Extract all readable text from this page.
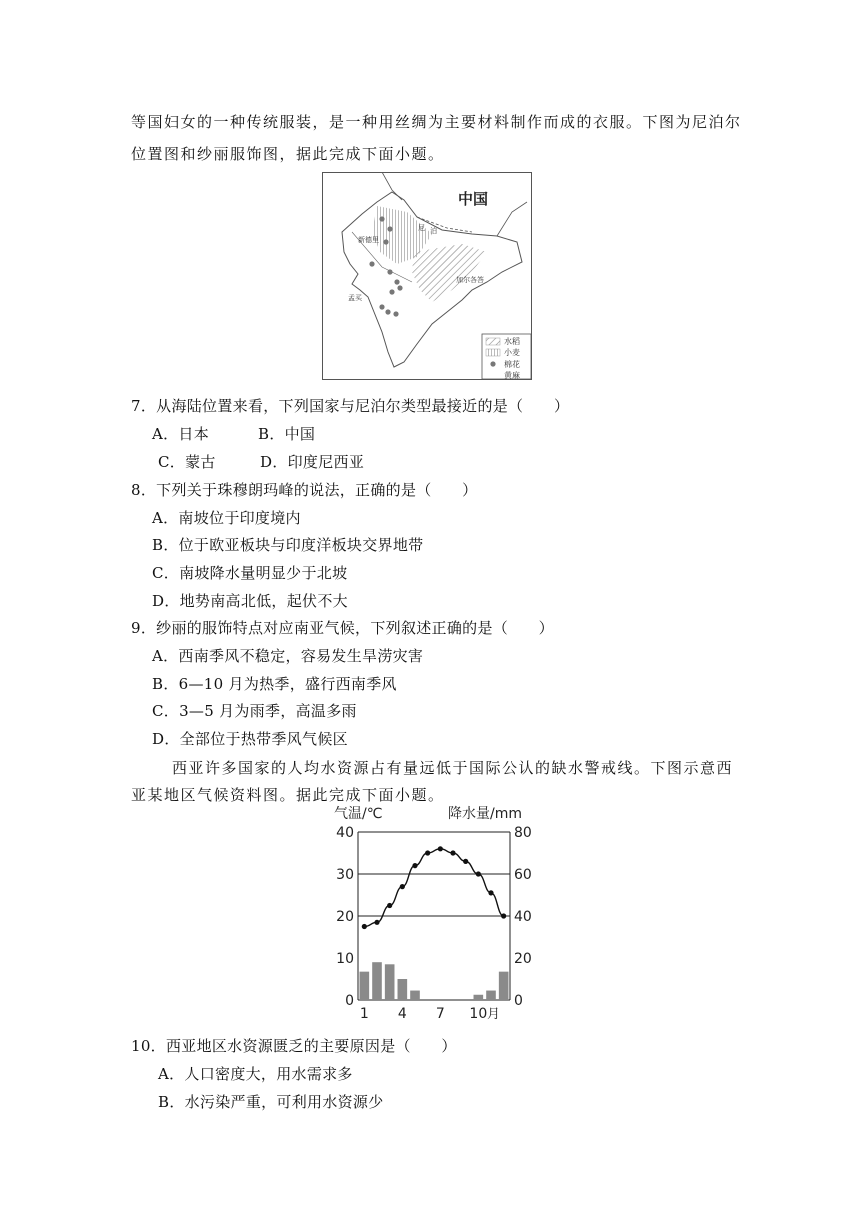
等国妇女的一种传统服装，是一种用丝绸为主要材料制作而成的衣服。下图为尼泊尔
位置图和纱丽服饰图，据此完成下面小题。
中国
新德里
尼 泊
加尔各答
孟买
水稻
小麦
棉花
黄麻
7．从海陆位置来看，下列国家与尼泊尔类型最接近的是（　　）
A．日本	B．中国
C．蒙古	D．印度尼西亚
8．下列关于珠穆朗玛峰的说法，正确的是（　　）
A．南坡位于印度境内
B．位于欧亚板块与印度洋板块交界地带
C．南坡降水量明显少于北坡
D．地势南高北低，起伏不大
9．纱丽的服饰特点对应南亚气候，下列叙述正确的是（　　）
A．西南季风不稳定，容易发生旱涝灾害
B．6—10 月为热季，盛行西南季风
C．3—5 月为雨季，高温多雨
D．全部位于热带季风气候区
西亚许多国家的人均水资源占有量远低于国际公认的缺水警戒线。下图示意西
亚某地区气候资料图。据此完成下面小题。
气温/℃	降水量/mm
0
10
20
30
40
0
20
40
60
80
1 4 7 10 月
10．西亚地区水资源匮乏的主要原因是（　　）
A．人口密度大，用水需求多
B．水污染严重，可利用水资源少
